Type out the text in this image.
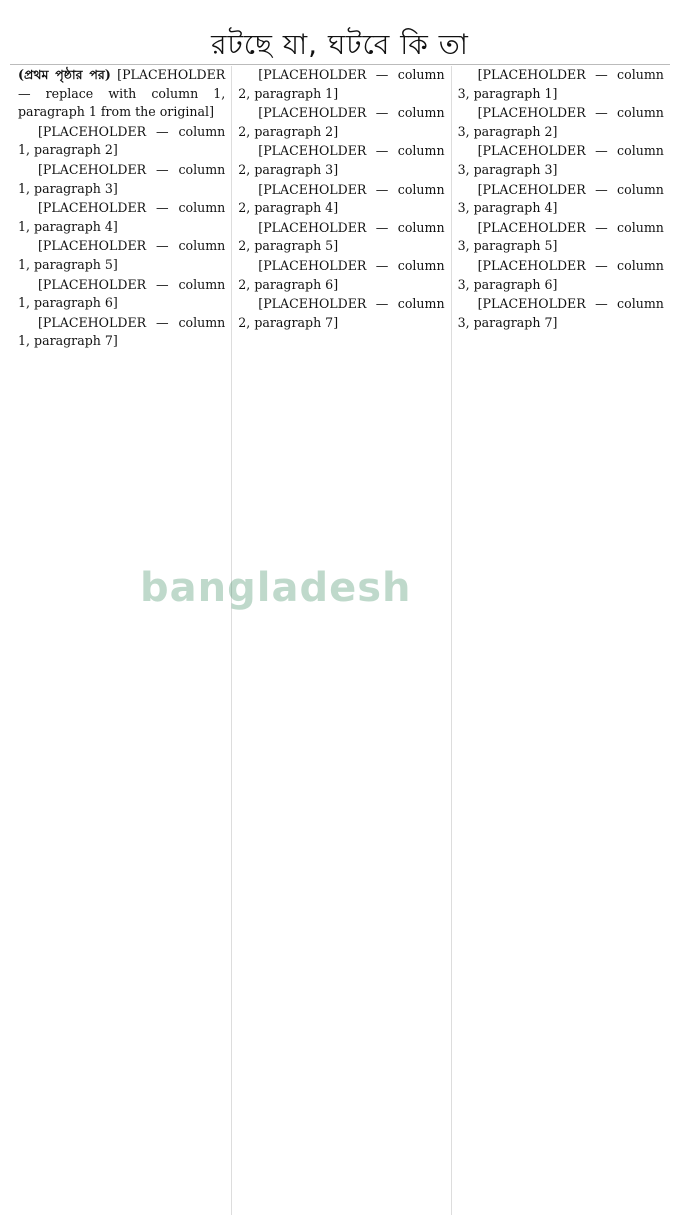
রটছে যা, ঘটবে কি তা

(প্রথম পৃষ্ঠার পর) [PLACEHOLDER — replace with column 1, paragraph 1 from the original]

[PLACEHOLDER — column 1, paragraph 2]

[PLACEHOLDER — column 1, paragraph 3]

[PLACEHOLDER — column 1, paragraph 4]

[PLACEHOLDER — column 1, paragraph 5]

[PLACEHOLDER — column 1, paragraph 6]

[PLACEHOLDER — column 1, paragraph 7]

[PLACEHOLDER — column 2, paragraph 1]

[PLACEHOLDER — column 2, paragraph 2]

[PLACEHOLDER — column 2, paragraph 3]

[PLACEHOLDER — column 2, paragraph 4]

[PLACEHOLDER — column 2, paragraph 5]

[PLACEHOLDER — column 2, paragraph 6]

[PLACEHOLDER — column 2, paragraph 7]

[PLACEHOLDER — column 3, paragraph 1]

[PLACEHOLDER — column 3, paragraph 2]

[PLACEHOLDER — column 3, paragraph 3]

[PLACEHOLDER — column 3, paragraph 4]

[PLACEHOLDER — column 3, paragraph 5]

[PLACEHOLDER — column 3, paragraph 6]

[PLACEHOLDER — column 3, paragraph 7]

bangladesh
